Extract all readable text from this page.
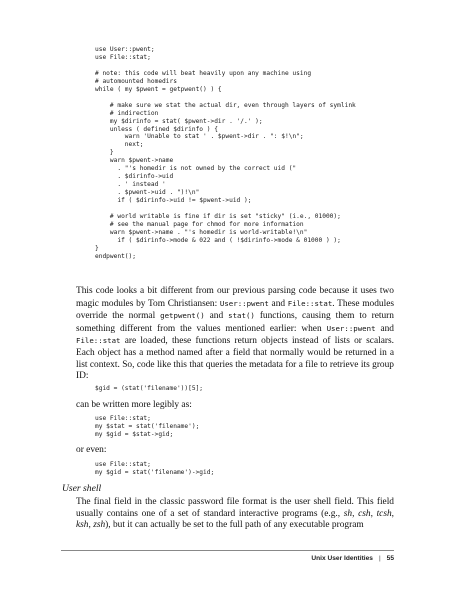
use User::pwent;
use File::stat;

# note: this code will beat heavily upon any machine using
# automounted homedirs
while ( my $pwent = getpwent() ) {

# make sure we stat the actual dir, even through layers of symlink
# indirection
my $dirinfo = stat( $pwent->dir . '/.' );
unless ( defined $dirinfo ) {
warn 'Unable to stat ' . $pwent->dir . ": $!\n";
next;
}
warn $pwent->name
. "'s homedir is not owned by the correct uid ("
. $dirinfo->uid
. ' instead '
. $pwent->uid . ")!\n"
if ( $dirinfo->uid != $pwent->uid );

# world writable is fine if dir is set "sticky" (i.e., 01000);
# see the manual page for chmod for more information
warn $pwent->name . "'s homedir is world-writable!\n"
if ( $dirinfo->mode & 022 and ( !$dirinfo->mode & 01000 ) );
}
endpwent();

This code looks a bit different from our previous parsing code because it uses two magic modules by Tom Christiansen: User::pwent and File::stat. These modules override the normal getpwent() and stat() functions, causing them to return something different from the values mentioned earlier: when User::pwent and File::stat are loaded, these functions return objects instead of lists or scalars. Each object has a method named after a field that normally would be returned in a list context. So, code like this that queries the metadata for a file to retrieve its group ID:

$gid = (stat('filename'))[5];

can be written more legibly as:

use File::stat;
my $stat = stat('filename');
my $gid = $stat->gid;

or even:

use File::stat;
my $gid = stat('filename')->gid;

User shell

The final field in the classic password file format is the user shell field. This field usually contains one of a set of standard interactive programs (e.g., sh, csh, tcsh, ksh, zsh), but it can actually be set to the full path of any executable program

Unix User Identities | 55
